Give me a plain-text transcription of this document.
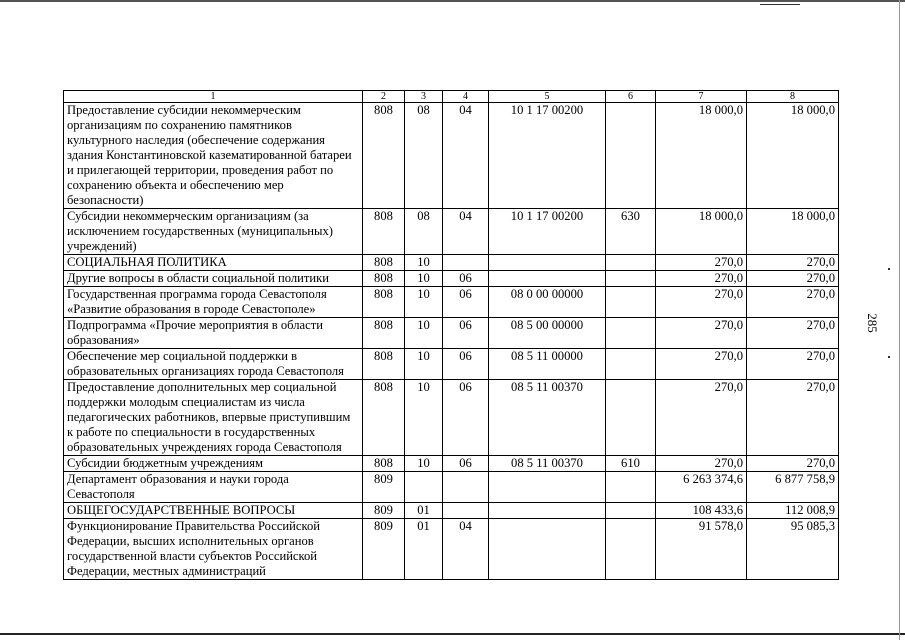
285
1	2	3	4	5	6	7	8
Предоставление субсидии некоммерческим организациям по сохранению памятников культурного наследия (обеспечение содержания здания Константиновской казематированной батареи и прилегающей территории, проведения работ по сохранению объекта и обеспечению мер безопасности)	808	08	04	10 1 17 00200		18 000,0	18 000,0
Субсидии некоммерческим организациям (за исключением государственных (муниципальных) учреждений)	808	08	04	10 1 17 00200	630	18 000,0	18 000,0
СОЦИАЛЬНАЯ ПОЛИТИКА	808	10				270,0	270,0
Другие вопросы в области социальной политики	808	10	06			270,0	270,0
Государственная программа города Севастополя «Развитие образования в городе Севастополе»	808	10	06	08 0 00 00000		270,0	270,0
Подпрограмма «Прочие мероприятия в области образования»	808	10	06	08 5 00 00000		270,0	270,0
Обеспечение мер социальной поддержки в образовательных организациях города Севастополя	808	10	06	08 5 11 00000		270,0	270,0
Предоставление дополнительных мер социальной поддержки молодым специалистам из числа педагогических работников, впервые приступившим к работе по специальности в государственных образовательных учреждениях города Севастополя	808	10	06	08 5 11 00370		270,0	270,0
Субсидии бюджетным учреждениям	808	10	06	08 5 11 00370	610	270,0	270,0
Департамент образования и науки города Севастополя	809					6 263 374,6	6 877 758,9
ОБЩЕГОСУДАРСТВЕННЫЕ ВОПРОСЫ	809	01				108 433,6	112 008,9
Функционирование Правительства Российской Федерации, высших исполнительных органов государственной власти субъектов Российской Федерации, местных администраций	809	01	04			91 578,0	95 085,3
